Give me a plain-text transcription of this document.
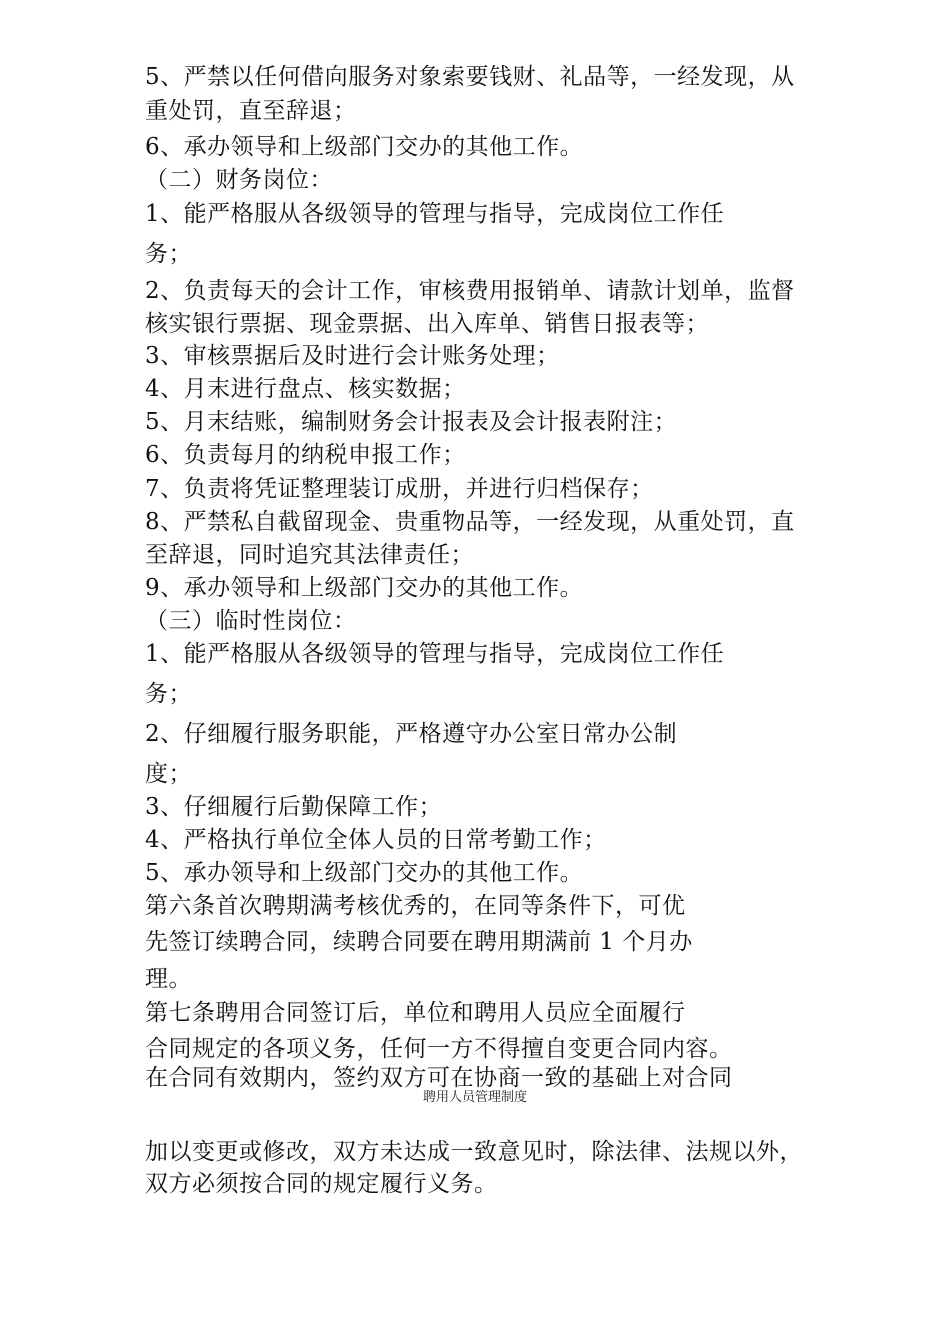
5、严禁以任何借向服务对象索要钱财、礼品等，一经发现，从
重处罚，直至辞退；
6、承办领导和上级部门交办的其他工作。
（二）财务岗位：
1、能严格服从各级领导的管理与指导，完成岗位工作任
务；
2、负责每天的会计工作，审核费用报销单、请款计划单，监督
核实银行票据、现金票据、出入库单、销售日报表等；
3、审核票据后及时进行会计账务处理；
4、月末进行盘点、核实数据；
5、月末结账，编制财务会计报表及会计报表附注；
6、负责每月的纳税申报工作；
7、负责将凭证整理装订成册，并进行归档保存；
8、严禁私自截留现金、贵重物品等，一经发现，从重处罚，直
至辞退，同时追究其法律责任；
9、承办领导和上级部门交办的其他工作。
（三）临时性岗位：
1、能严格服从各级领导的管理与指导，完成岗位工作任
务；
2、仔细履行服务职能，严格遵守办公室日常办公制
度；
3、仔细履行后勤保障工作；
4、严格执行单位全体人员的日常考勤工作；
5、承办领导和上级部门交办的其他工作。
第六条首次聘期满考核优秀的，在同等条件下，可优
先签订续聘合同，续聘合同要在聘用期满前 1 个月办
理。
第七条聘用合同签订后，单位和聘用人员应全面履行
合同规定的各项义务，任何一方不得擅自变更合同内容。
在合同有效期内，签约双方可在协商一致的基础上对合同
聘用人员管理制度
加以变更或修改，双方未达成一致意见时，除法律、法规以外，
双方必须按合同的规定履行义务。
